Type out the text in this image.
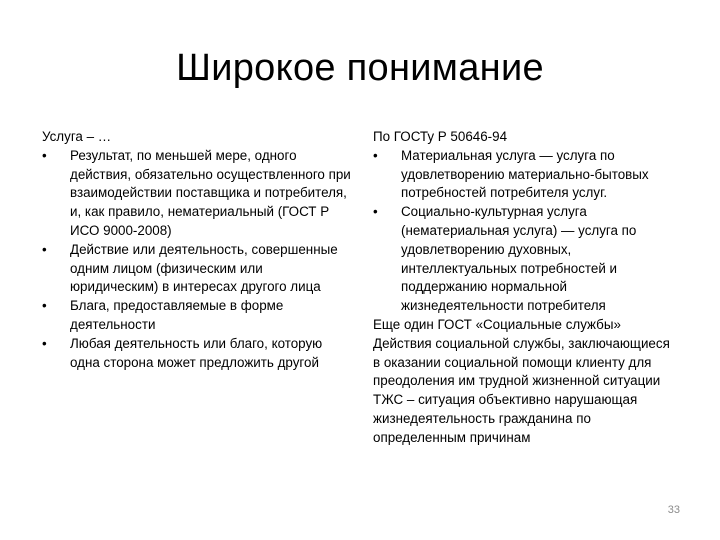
Широкое понимание
Услуга – …
•	Результат, по меньшей мере, одного действия, обязательно осуществленного при взаимодействии поставщика и потребителя, и, как правило, нематериальный (ГОСТ Р ИСО 9000-2008)
•	Действие или деятельность, совершенные одним лицом (физическим или юридическим) в интересах другого лица
•	Блага, предоставляемые в форме деятельности
•	Любая деятельность или благо, которую одна сторона может предложить другой
По ГОСТу Р 50646-94
•	Материальная услуга — услуга по удовлетворению материально-бытовых потребностей потребителя услуг.
•	Социально-культурная услуга (нематериальная услуга) — услуга по удовлетворению духовных, интеллектуальных потребностей и поддержанию нормальной жизнедеятельности потребителя
Еще один ГОСТ «Социальные службы»
Действия социальной службы, заключающиеся в оказании социальной помощи клиенту для преодоления им трудной жизненной ситуации
ТЖС – ситуация объективно нарушающая жизнедеятельность гражданина по определенным причинам
33
